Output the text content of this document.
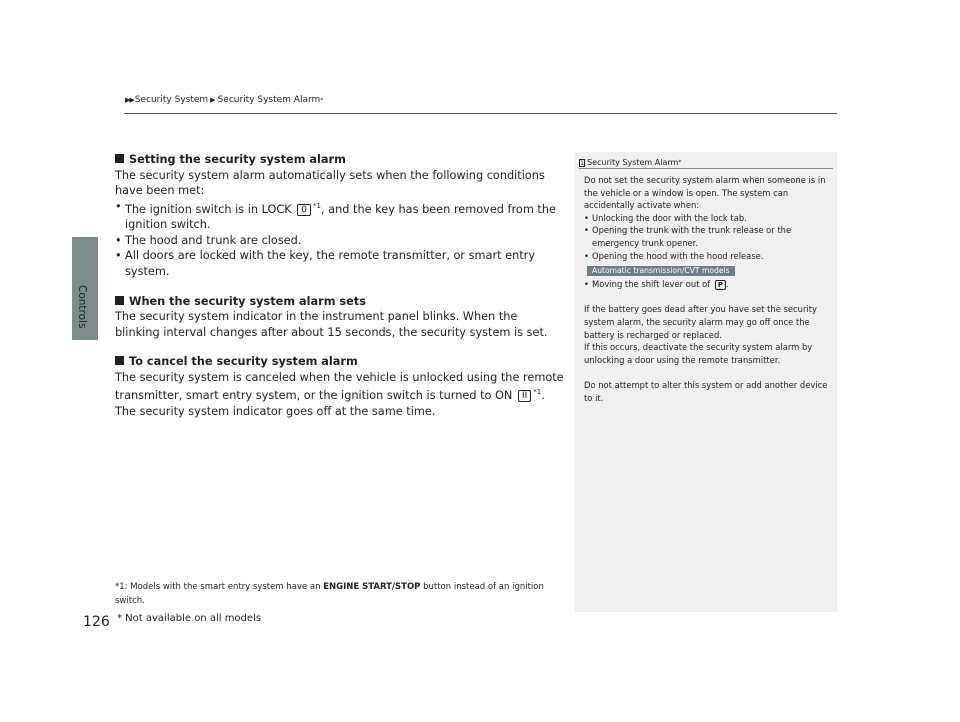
▶▶ Security System ▶ Security System Alarm *
126
Setting the security system alarm

The security system alarm automatically sets when the following conditions have been met:

• The ignition switch is in LOCK 0 $^{*1}$, and the key has been removed from the ignition switch.
• The hood and trunk are closed.
• All doors are locked with the key, the remote transmitter, or smart entry system.
When the security system alarm sets

The security system indicator in the instrument panel blinks. When the blinking interval changes after about 15 seconds, the security system is set.

To cancel the security system alarm

The security system is canceled when the vehicle is unlocked using the remote transmitter, smart entry system, or the ignition switch is turned to ON II $^{*1}$. The security system indicator goes off at the same time.

*1: Models with the smart entry system have an ENGINE START/STOP button instead of an ignition switch.
* Not available on all models
1 Security System Alarm *

Do not set the security system alarm when someone is in the vehicle or a window is open. The system can accidentally activate when:

• Unlocking the door with the lock tab.
• Opening the trunk with the trunk release or the emergency trunk opener.
• Opening the hood with the hood release.
Automatic transmission/CVT models
• Moving the shift lever out of P .

If the battery goes dead after you have set the security system alarm, the security alarm may go off once the battery is recharged or replaced.

If this occurs, deactivate the security system alarm by unlocking a door using the remote transmitter.

Do not attempt to alter this system or add another device to it.
